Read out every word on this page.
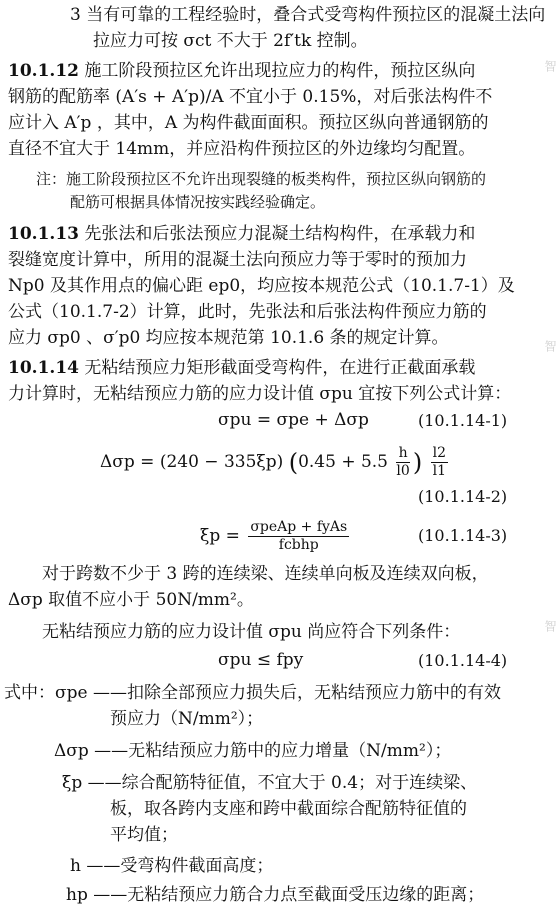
3 当有可靠的工程经验时，叠合式受弯构件预拉区的混凝土法向
拉应力可按 σct 不大于 2f′tk 控制。
10.1.12 施工阶段预拉区允许出现拉应力的构件，预拉区纵向
钢筋的配筋率 (A′s + A′p)/A 不宜小于 0.15%，对后张法构件不
应计入 A′p ，其中，A 为构件截面面积。预拉区纵向普通钢筋的
直径不宜大于 14mm，并应沿构件预拉区的外边缘均匀配置。
注：施工阶段预拉区不允许出现裂缝的板类构件，预拉区纵向钢筋的
配筋可根据具体情况按实践经验确定。
10.1.13 先张法和后张法预应力混凝土结构构件，在承载力和
裂缝宽度计算中，所用的混凝土法向预应力等于零时的预加力
Np0 及其作用点的偏心距 ep0，均应按本规范公式（10.1.7-1）及
公式（10.1.7-2）计算，此时，先张法和后张法构件预应力筋的
应力 σp0 、σ′p0 均应按本规范第 10.1.6 条的规定计算。
10.1.14 无粘结预应力矩形截面受弯构件，在进行正截面承载
力计算时，无粘结预应力筋的应力设计值 σpu 宜按下列公式计算：
σpu = σpe + Δσp	(10.1.14-1)
Δσp = (240 − 335ξp) ($0.45 + 5.5 \frac{h}{l0}$ ) $\frac{l2}{l1}$
(10.1.14-2)
$\xi p = \frac{\text{σpeAp + fyAs}}{\text{fcbhp}}$	(10.1.14-3)
对于跨数不少于 3 跨的连续梁、连续单向板及连续双向板，
Δσp 取值不应小于 50N/mm²。
无粘结预应力筋的应力设计值 σpu 尚应符合下列条件：
σpu ≤ fpy	(10.1.14-4)
式中：σpe ——扣除全部预应力损失后，无粘结预应力筋中的有效
预应力（N/mm²）；
Δσp ——无粘结预应力筋中的应力增量（N/mm²）；
ξp ——综合配筋特征值，不宜大于 0.4；对于连续梁、
板，取各跨内支座和跨中截面综合配筋特征值的
平均值；
h ——受弯构件截面高度；
hp ——无粘结预应力筋合力点至截面受压边缘的距离；
智
智
智
